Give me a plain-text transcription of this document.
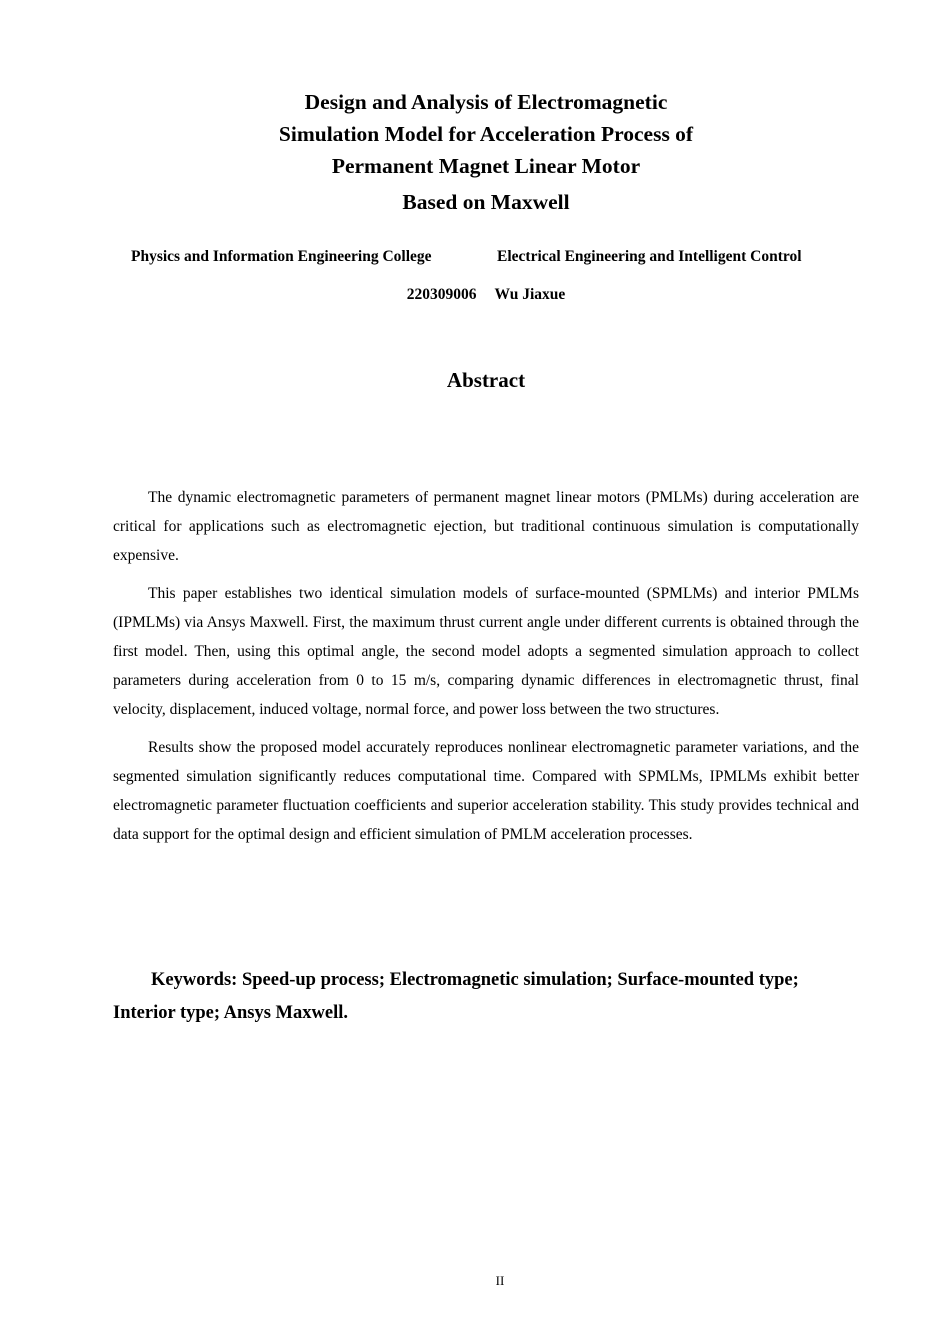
Design and Analysis of Electromagnetic
Simulation Model for Acceleration Process of
Permanent Magnet Linear Motor
Based on Maxwell
Physics and Information Engineering College	Electrical Engineering and Intelligent Control
220309006 Wu Jiaxue
Abstract

The dynamic electromagnetic parameters of permanent magnet linear motors (PMLMs) during acceleration are critical for applications such as electromagnetic ejection, but traditional continuous simulation is computationally expensive.

This paper establishes two identical simulation models of surface-mounted (SPMLMs) and interior PMLMs (IPMLMs) via Ansys Maxwell. First, the maximum thrust current angle under different currents is obtained through the first model. Then, using this optimal angle, the second model adopts a segmented simulation approach to collect parameters during acceleration from 0 to 15 m/s, comparing dynamic differences in electromagnetic thrust, final velocity, displacement, induced voltage, normal force, and power loss between the two structures.

Results show the proposed model accurately reproduces nonlinear electromagnetic parameter variations, and the segmented simulation significantly reduces computational time. Compared with SPMLMs, IPMLMs exhibit better electromagnetic parameter fluctuation coefficients and superior acceleration stability. This study provides technical and data support for the optimal design and efficient simulation of PMLM acceleration processes.

Keywords: Speed-up process; Electromagnetic simulation; Surface-mounted type; Interior type; Ansys Maxwell.

II
